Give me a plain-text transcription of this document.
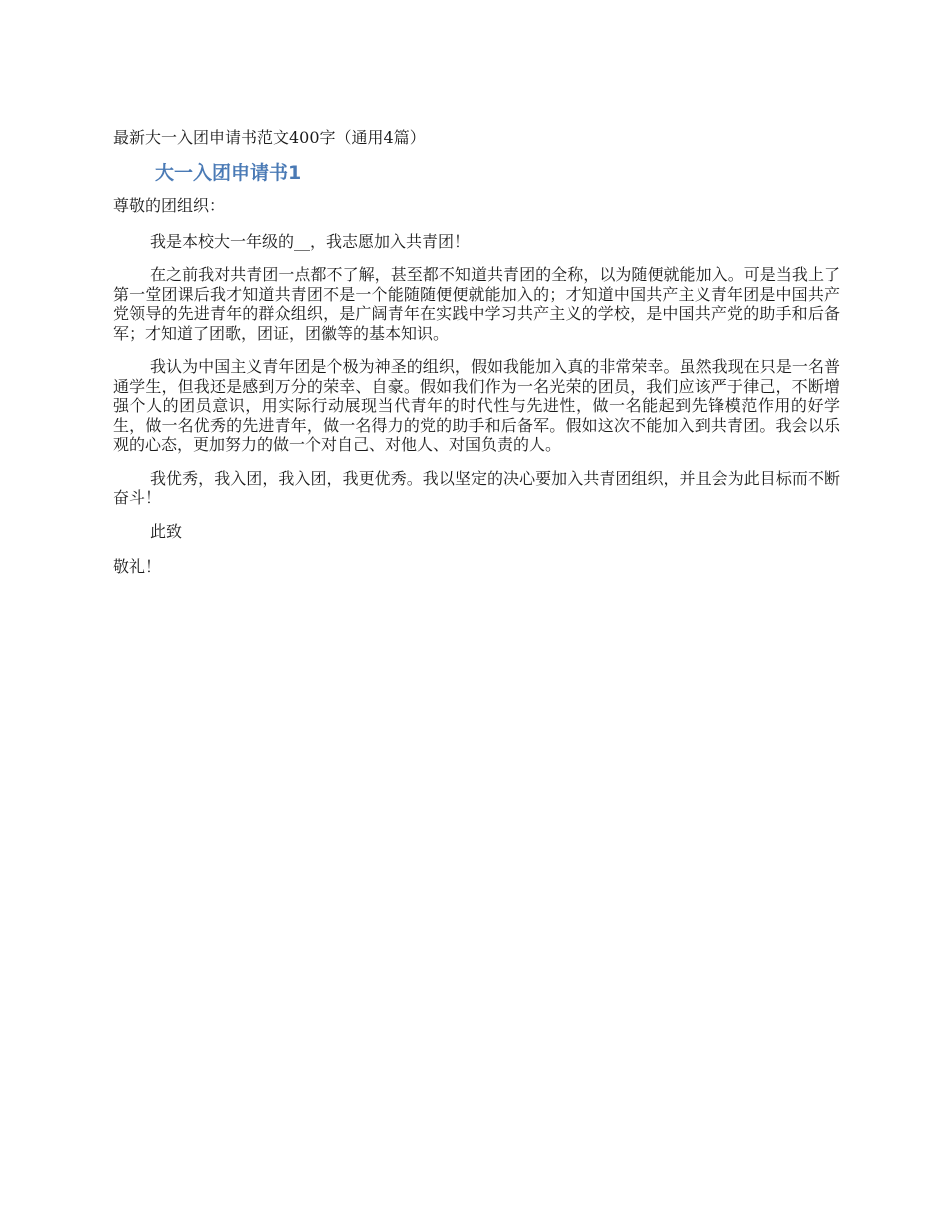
最新大一入团申请书范文400字（通用4篇）
大一入团申请书1
尊敬的团组织：
我是本校大一年级的__，我志愿加入共青团！
在之前我对共青团一点都不了解，甚至都不知道共青团的全称，以为随便就能加入。可是当我上了第一堂团课后我才知道共青团不是一个能随随便便就能加入的；才知道中国共产主义青年团是中国共产党领导的先进青年的群众组织，是广阔青年在实践中学习共产主义的学校，是中国共产党的助手和后备军；才知道了团歌，团证，团徽等的基本知识。
我认为中国主义青年团是个极为神圣的组织，假如我能加入真的非常荣幸。虽然我现在只是一名普通学生，但我还是感到万分的荣幸、自豪。假如我们作为一名光荣的团员，我们应该严于律己，不断增强个人的团员意识，用实际行动展现当代青年的时代性与先进性，做一名能起到先锋模范作用的好学生，做一名优秀的先进青年，做一名得力的党的助手和后备军。假如这次不能加入到共青团。我会以乐观的心态，更加努力的做一个对自己、对他人、对国负责的人。
我优秀，我入团，我入团，我更优秀。我以坚定的决心要加入共青团组织，并且会为此目标而不断奋斗！
此致
敬礼！
